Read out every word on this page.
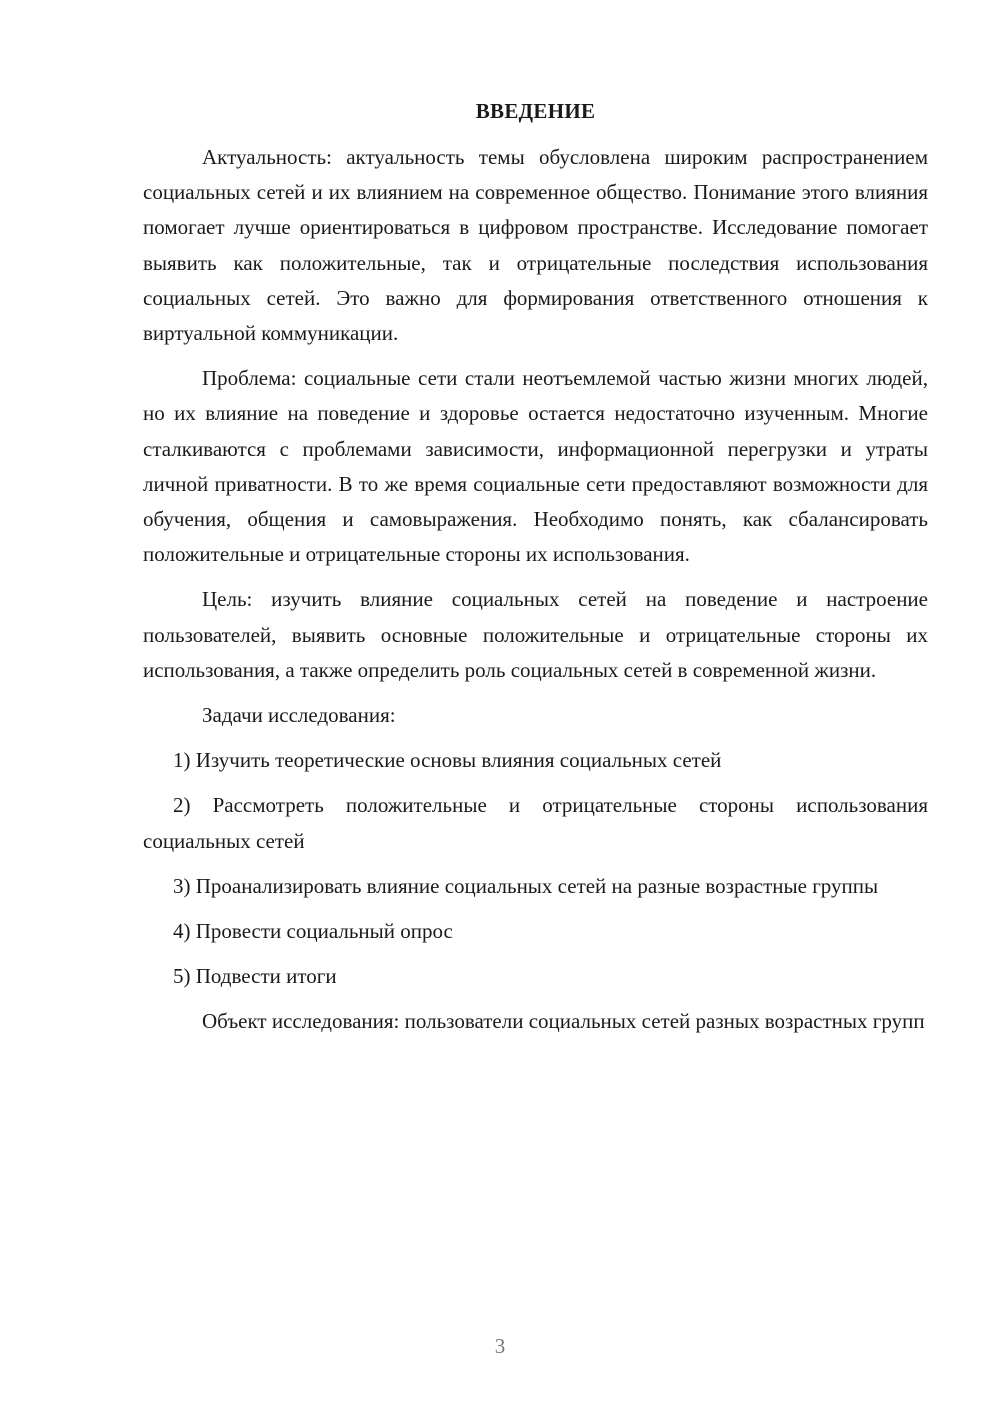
ВВЕДЕНИЕ

Актуальность: актуальность темы обусловлена широким распространением социальных сетей и их влиянием на современное общество. Понимание этого влияния помогает лучше ориентироваться в цифровом пространстве. Исследование помогает выявить как положительные, так и отрицательные последствия использования социальных сетей. Это важно для формирования ответственного отношения к виртуальной коммуникации.

Проблема: социальные сети стали неотъемлемой частью жизни многих людей, но их влияние на поведение и здоровье остается недостаточно изученным. Многие сталкиваются с проблемами зависимости, информационной перегрузки и утраты личной приватности. В то же время социальные сети предоставляют возможности для обучения, общения и самовыражения. Необходимо понять, как сбалансировать положительные и отрицательные стороны их использования.

Цель: изучить влияние социальных сетей на поведение и настроение пользователей, выявить основные положительные и отрицательные стороны их использования, а также определить роль социальных сетей в современной жизни.

Задачи исследования:

1) Изучить теоретические основы влияния социальных сетей

2) Рассмотреть положительные и отрицательные стороны использования социальных сетей

3) Проанализировать влияние социальных сетей на разные возрастные группы

4) Провести социальный опрос

5) Подвести итоги

Объект исследования: пользователи социальных сетей разных возрастных групп

3
